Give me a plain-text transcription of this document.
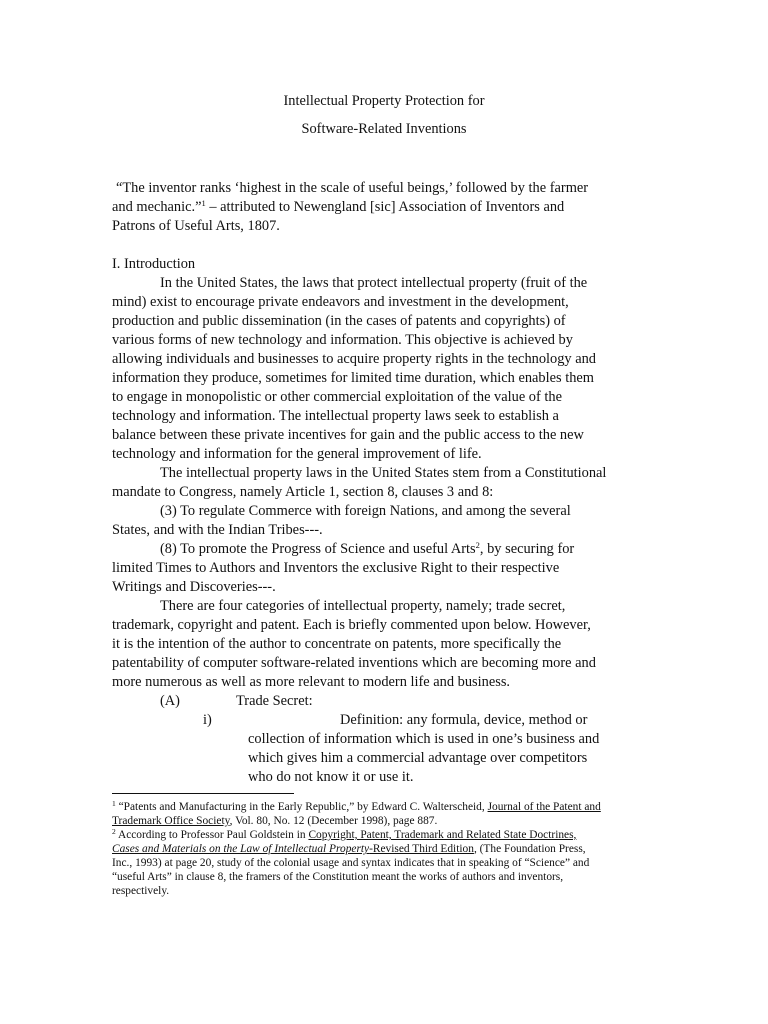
Intellectual Property Protection for
Software-Related Inventions
“The inventor ranks ‘highest in the scale of useful beings,’ followed by the farmer
and mechanic.”$^1$ – attributed to Newengland [sic] Association of Inventors and
Patrons of Useful Arts, 1807.
I. Introduction
In the United States, the laws that protect intellectual property (fruit of the
mind) exist to encourage private endeavors and investment in the development,
production and public dissemination (in the cases of patents and copyrights) of
various forms of new technology and information. This objective is achieved by
allowing individuals and businesses to acquire property rights in the technology and
information they produce, sometimes for limited time duration, which enables them
to engage in monopolistic or other commercial exploitation of the value of the
technology and information. The intellectual property laws seek to establish a
balance between these private incentives for gain and the public access to the new
technology and information for the general improvement of life.
The intellectual property laws in the United States stem from a Constitutional
mandate to Congress, namely Article 1, section 8, clauses 3 and 8:
(3) To regulate Commerce with foreign Nations, and among the several
States, and with the Indian Tribes---.
(8) To promote the Progress of Science and useful Arts$^2$, by securing for
limited Times to Authors and Inventors the exclusive Right to their respective
Writings and Discoveries---.
There are four categories of intellectual property, namely; trade secret,
trademark, copyright and patent. Each is briefly commented upon below. However,
it is the intention of the author to concentrate on patents, more specifically the
patentability of computer software-related inventions which are becoming more and
more numerous as well as more relevant to modern life and business.
(A)	Trade Secret:
i)	Definition: any formula, device, method or
collection of information which is used in one’s business and
which gives him a commercial advantage over competitors
who do not know it or use it.
$^1$ “Patents and Manufacturing in the Early Republic,” by Edward C. Walterscheid, Journal of the Patent and
Trademark Office Society, Vol. 80, No. 12 (December 1998), page 887.
$^2$ According to Professor Paul Goldstein in Copyright, Patent, Trademark and Related State Doctrines,
Cases and Materials on the Law of Intellectual Property-Revised Third Edition, (The Foundation Press,
Inc., 1993) at page 20, study of the colonial usage and syntax indicates that in speaking of “Science” and
“useful Arts” in clause 8, the framers of the Constitution meant the works of authors and inventors,
respectively.
